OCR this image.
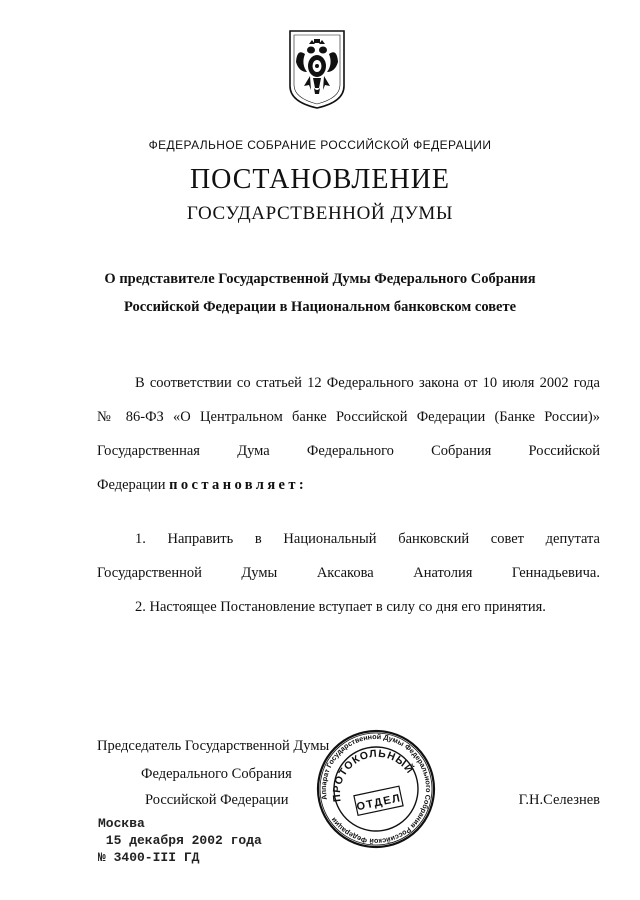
ФЕДЕРАЛЬНОЕ СОБРАНИЕ РОССИЙСКОЙ ФЕДЕРАЦИИ
ПОСТАНОВЛЕНИЕ
ГОСУДАРСТВЕННОЙ ДУМЫ
О представителе Государственной Думы Федерального Собрания
Российской Федерации в Национальном банковском совете
В соответствии со статьей 12 Федерального закона от 10 июля 2002 года № 86-ФЗ «О Центральном банке Российской Федерации (Банке России)» Государственная Дума Федерального Собрания Российской
Федерации постановляет:
1. Направить в Национальный банковский совет депутата Государственной Думы Аксакова Анатолия Геннадьевича.
2. Настоящее Постановление вступает в силу со дня его принятия.
Председатель Государственной Думы
Федерального Собрания
Российской Федерации	Г.Н.Селезнев
Аппарат Государственной Думы Федерального Собрания Российской Федерации
ПРОТОКОЛЬНЫЙ
ОТДЕЛ
Москва
15 декабря 2002 года
№ 3400-III ГД
